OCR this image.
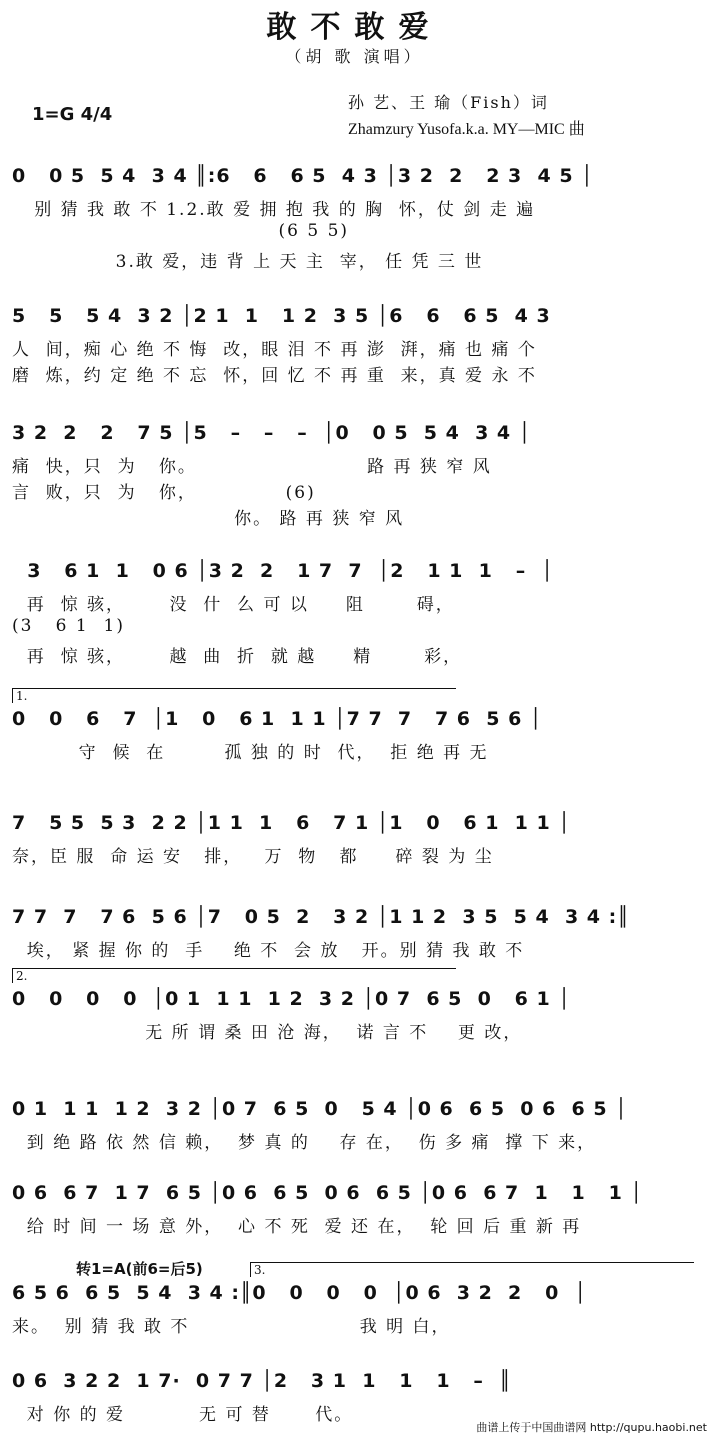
敢不敢爱
（胡 歌 演唱）
1=G 4/4
孙 艺、王 瑜（Fish）词
Zhamzury Yusofa.k.a. MY—MIC 曲
0   0 5  5 4  3 4 ║:6   6   6 5  4 3 │3 2  2   2 3  4 5 │
别 猜 我 敢 不 1.2.敢 爱 拥 抱 我 的 胸  怀，仗 剑 走 遍
(6 5 5)
3.敢 爱，违 背 上 天 主  宰， 任 凭 三 世
5   5   5 4  3 2 │2 1  1   1 2  3 5 │6   6   6 5  4 3
人  间，痴 心 绝 不 悔  改，眼 泪 不 再 澎  湃，痛 也 痛 个
磨  炼，约 定 绝 不 忘  怀，回 忆 不 再 重  来，真 爱 永 不
3 2  2   2   7 5 │5   –   –   –  │0   0 5  5 4  3 4 │
痛  快，只  为   你。                       路 再 狭 窄 风
言  败，只  为   你，            (6)
你。 路 再 狭 窄 风
3   6 1  1   0 6 │3 2  2   1 7  7  │2   1 1  1   –  │
再  惊 骇，      没  什  么 可 以     阻       碍，
(3   6 1  1)
再  惊 骇，      越  曲  折  就 越     精       彩，
1.
0   0   6   7  │1   0   6 1  1 1 │7 7  7   7 6  5 6 │
守  候  在        孤 独 的 时  代，  拒 绝 再 无
7   5 5  5 3  2 2 │1 1  1   6   7 1 │1   0   6 1  1 1 │
奈，臣 服  命 运 安   排，   万  物   都     碎 裂 为 尘
7 7  7   7 6  5 6 │7   0 5  2   3 2 │1 1 2  3 5  5 4  3 4 :║
埃， 紧 握 你 的  手    绝 不  会 放   开。别 猜 我 敢 不
2.
0   0   0   0  │0 1  1 1  1 2  3 2 │0 7  6 5  0   6 1 │
无 所 谓 桑 田 沧 海，  诺 言 不    更 改，
0 1  1 1  1 2  3 2 │0 7  6 5  0   5 4 │0 6  6 5  0 6  6 5 │
到 绝 路 依 然 信 赖，  梦 真 的    存 在，  伤 多 痛  撑 下 来，
0 6  6 7  1 7  6 5 │0 6  6 5  0 6  6 5 │0 6  6 7  1   1   1 │
给 时 间 一 场 意 外，  心 不 死  爱 还 在，  轮 回 后 重 新 再
3.
转1=A(前6=后5)
6 5 6  6 5  5 4  3 4 :║0   0   0   0  │0 6  3 2  2   0  │
来。  别 猜 我 敢 不                       我 明 白，
0 6  3 2 2  1 7·  0 7 7 │2   3 1  1   1   1   –  ║
对 你 的 爱          无 可 替      代。
曲谱上传于中国曲谱网 http://qupu.haobi.net
